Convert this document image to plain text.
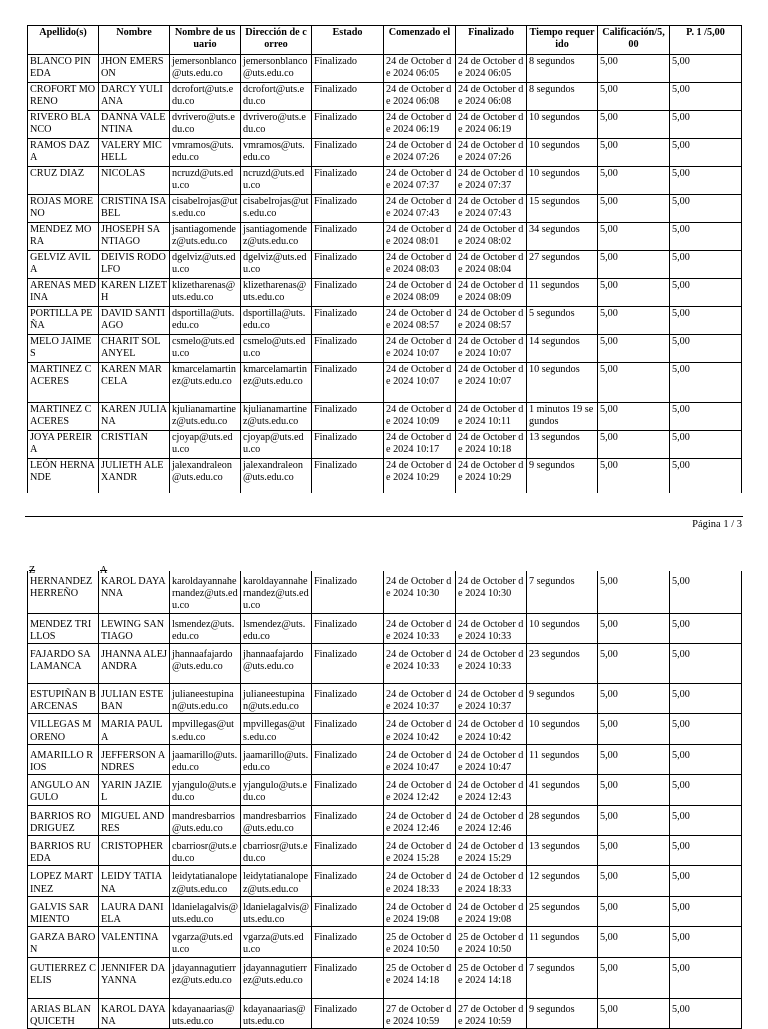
Apellido(s)	Nombre	Nombre de usuario	Dirección de correo	Estado	Comenzado el	Finalizado	Tiempo requerido	Calificación/5,00	P. 1 /5,00
BLANCO PINEDA	JHON EMERSON	jemersonblanco@uts.edu.co	jemersonblanco@uts.edu.co	Finalizado	24 de October de 2024 06:05	24 de October de 2024 06:05	8 segundos	5,00	5,00
CROFORT MORENO	DARCY YULIANA	dcrofort@uts.edu.co	dcrofort@uts.edu.co	Finalizado	24 de October de 2024 06:08	24 de October de 2024 06:08	8 segundos	5,00	5,00
RIVERO BLANCO	DANNA VALENTINA	dvrivero@uts.edu.co	dvrivero@uts.edu.co	Finalizado	24 de October de 2024 06:19	24 de October de 2024 06:19	10 segundos	5,00	5,00
RAMOS DAZA	VALERY MICHELL	vmramos@uts.edu.co	vmramos@uts.edu.co	Finalizado	24 de October de 2024 07:26	24 de October de 2024 07:26	10 segundos	5,00	5,00
CRUZ DIAZ	NICOLAS	ncruzd@uts.edu.co	ncruzd@uts.edu.co	Finalizado	24 de October de 2024 07:37	24 de October de 2024 07:37	10 segundos	5,00	5,00
ROJAS MORENO	CRISTINA ISABEL	cisabelrojas@uts.edu.co	cisabelrojas@uts.edu.co	Finalizado	24 de October de 2024 07:43	24 de October de 2024 07:43	15 segundos	5,00	5,00
MENDEZ MORA	JHOSEPH SANTIAGO	jsantiagomendez@uts.edu.co	jsantiagomendez@uts.edu.co	Finalizado	24 de October de 2024 08:01	24 de October de 2024 08:02	34 segundos	5,00	5,00
GELVIZ AVILA	DEIVIS RODOLFO	dgelviz@uts.edu.co	dgelviz@uts.edu.co	Finalizado	24 de October de 2024 08:03	24 de October de 2024 08:04	27 segundos	5,00	5,00
ARENAS MEDINA	KAREN LIZETH	klizetharenas@uts.edu.co	klizetharenas@uts.edu.co	Finalizado	24 de October de 2024 08:09	24 de October de 2024 08:09	11 segundos	5,00	5,00
PORTILLA PEÑA	DAVID SANTIAGO	dsportilla@uts.edu.co	dsportilla@uts.edu.co	Finalizado	24 de October de 2024 08:57	24 de October de 2024 08:57	5 segundos	5,00	5,00
MELO JAIMES	CHARIT SOLANYEL	csmelo@uts.edu.co	csmelo@uts.edu.co	Finalizado	24 de October de 2024 10:07	24 de October de 2024 10:07	14 segundos	5,00	5,00
MARTINEZ CACERES	KAREN MARCELA	kmarcelamartinez@uts.edu.co	kmarcelamartinez@uts.edu.co	Finalizado	24 de October de 2024 10:07	24 de October de 2024 10:07	10 segundos	5,00	5,00
MARTINEZ CACERES	KAREN JULIANA	kjulianamartinez@uts.edu.co	kjulianamartinez@uts.edu.co	Finalizado	24 de October de 2024 10:09	24 de October de 2024 10:11	1 minutos 19 segundos	5,00	5,00
JOYA PEREIRA	CRISTIAN	cjoyap@uts.edu.co	cjoyap@uts.edu.co	Finalizado	24 de October de 2024 10:17	24 de October de 2024 10:18	13 segundos	5,00	5,00
LEÓN HERNANDE	JULIETH ALEXANDR	jalexandraleon@uts.edu.co	jalexandraleon@uts.edu.co	Finalizado	24 de October de 2024 10:29	24 de October de 2024 10:29	9 segundos	5,00	5,00
Página 1 / 3
Z	A
HERNANDEZ HERREÑO	KAROL DAYANNA	karoldayannahernandez@uts.edu.co	karoldayannahernandez@uts.edu.co	Finalizado	24 de October de 2024 10:30	24 de October de 2024 10:30	7 segundos	5,00	5,00
MENDEZ TRILLOS	LEWING SANTIAGO	lsmendez@uts.edu.co	lsmendez@uts.edu.co	Finalizado	24 de October de 2024 10:33	24 de October de 2024 10:33	10 segundos	5,00	5,00
FAJARDO SALAMANCA	JHANNA ALEJANDRA	jhannaafajardo@uts.edu.co	jhannaafajardo@uts.edu.co	Finalizado	24 de October de 2024 10:33	24 de October de 2024 10:33	23 segundos	5,00	5,00
ESTUPIÑAN BARCENAS	JULIAN ESTEBAN	julianeestupinan@uts.edu.co	julianeestupinan@uts.edu.co	Finalizado	24 de October de 2024 10:37	24 de October de 2024 10:37	9 segundos	5,00	5,00
VILLEGAS MORENO	MARIA PAULA	mpvillegas@uts.edu.co	mpvillegas@uts.edu.co	Finalizado	24 de October de 2024 10:42	24 de October de 2024 10:42	10 segundos	5,00	5,00
AMARILLO RIOS	JEFFERSON ANDRES	jaamarillo@uts.edu.co	jaamarillo@uts.edu.co	Finalizado	24 de October de 2024 10:47	24 de October de 2024 10:47	11 segundos	5,00	5,00
ANGULO ANGULO	YARIN JAZIEL	yjangulo@uts.edu.co	yjangulo@uts.edu.co	Finalizado	24 de October de 2024 12:42	24 de October de 2024 12:43	41 segundos	5,00	5,00
BARRIOS RODRIGUEZ	MIGUEL ANDRES	mandresbarrios@uts.edu.co	mandresbarrios@uts.edu.co	Finalizado	24 de October de 2024 12:46	24 de October de 2024 12:46	28 segundos	5,00	5,00
BARRIOS RUEDA	CRISTOPHER	cbarriosr@uts.edu.co	cbarriosr@uts.edu.co	Finalizado	24 de October de 2024 15:28	24 de October de 2024 15:29	13 segundos	5,00	5,00
LOPEZ MARTINEZ	LEIDY TATIANA	leidytatianalopez@uts.edu.co	leidytatianalopez@uts.edu.co	Finalizado	24 de October de 2024 18:33	24 de October de 2024 18:33	12 segundos	5,00	5,00
GALVIS SARMIENTO	LAURA DANIELA	ldanielagalvis@uts.edu.co	ldanielagalvis@uts.edu.co	Finalizado	24 de October de 2024 19:08	24 de October de 2024 19:08	25 segundos	5,00	5,00
GARZA BARON	VALENTINA	vgarza@uts.edu.co	vgarza@uts.edu.co	Finalizado	25 de October de 2024 10:50	25 de October de 2024 10:50	11 segundos	5,00	5,00
GUTIERREZ CELIS	JENNIFER DAYANNA	jdayannagutierrez@uts.edu.co	jdayannagutierrez@uts.edu.co	Finalizado	25 de October de 2024 14:18	25 de October de 2024 14:18	7 segundos	5,00	5,00
ARIAS BLANQUICETH	KAROL DAYANA	kdayanaarias@uts.edu.co	kdayanaarias@uts.edu.co	Finalizado	27 de October de 2024 10:59	27 de October de 2024 10:59	9 segundos	5,00	5,00
